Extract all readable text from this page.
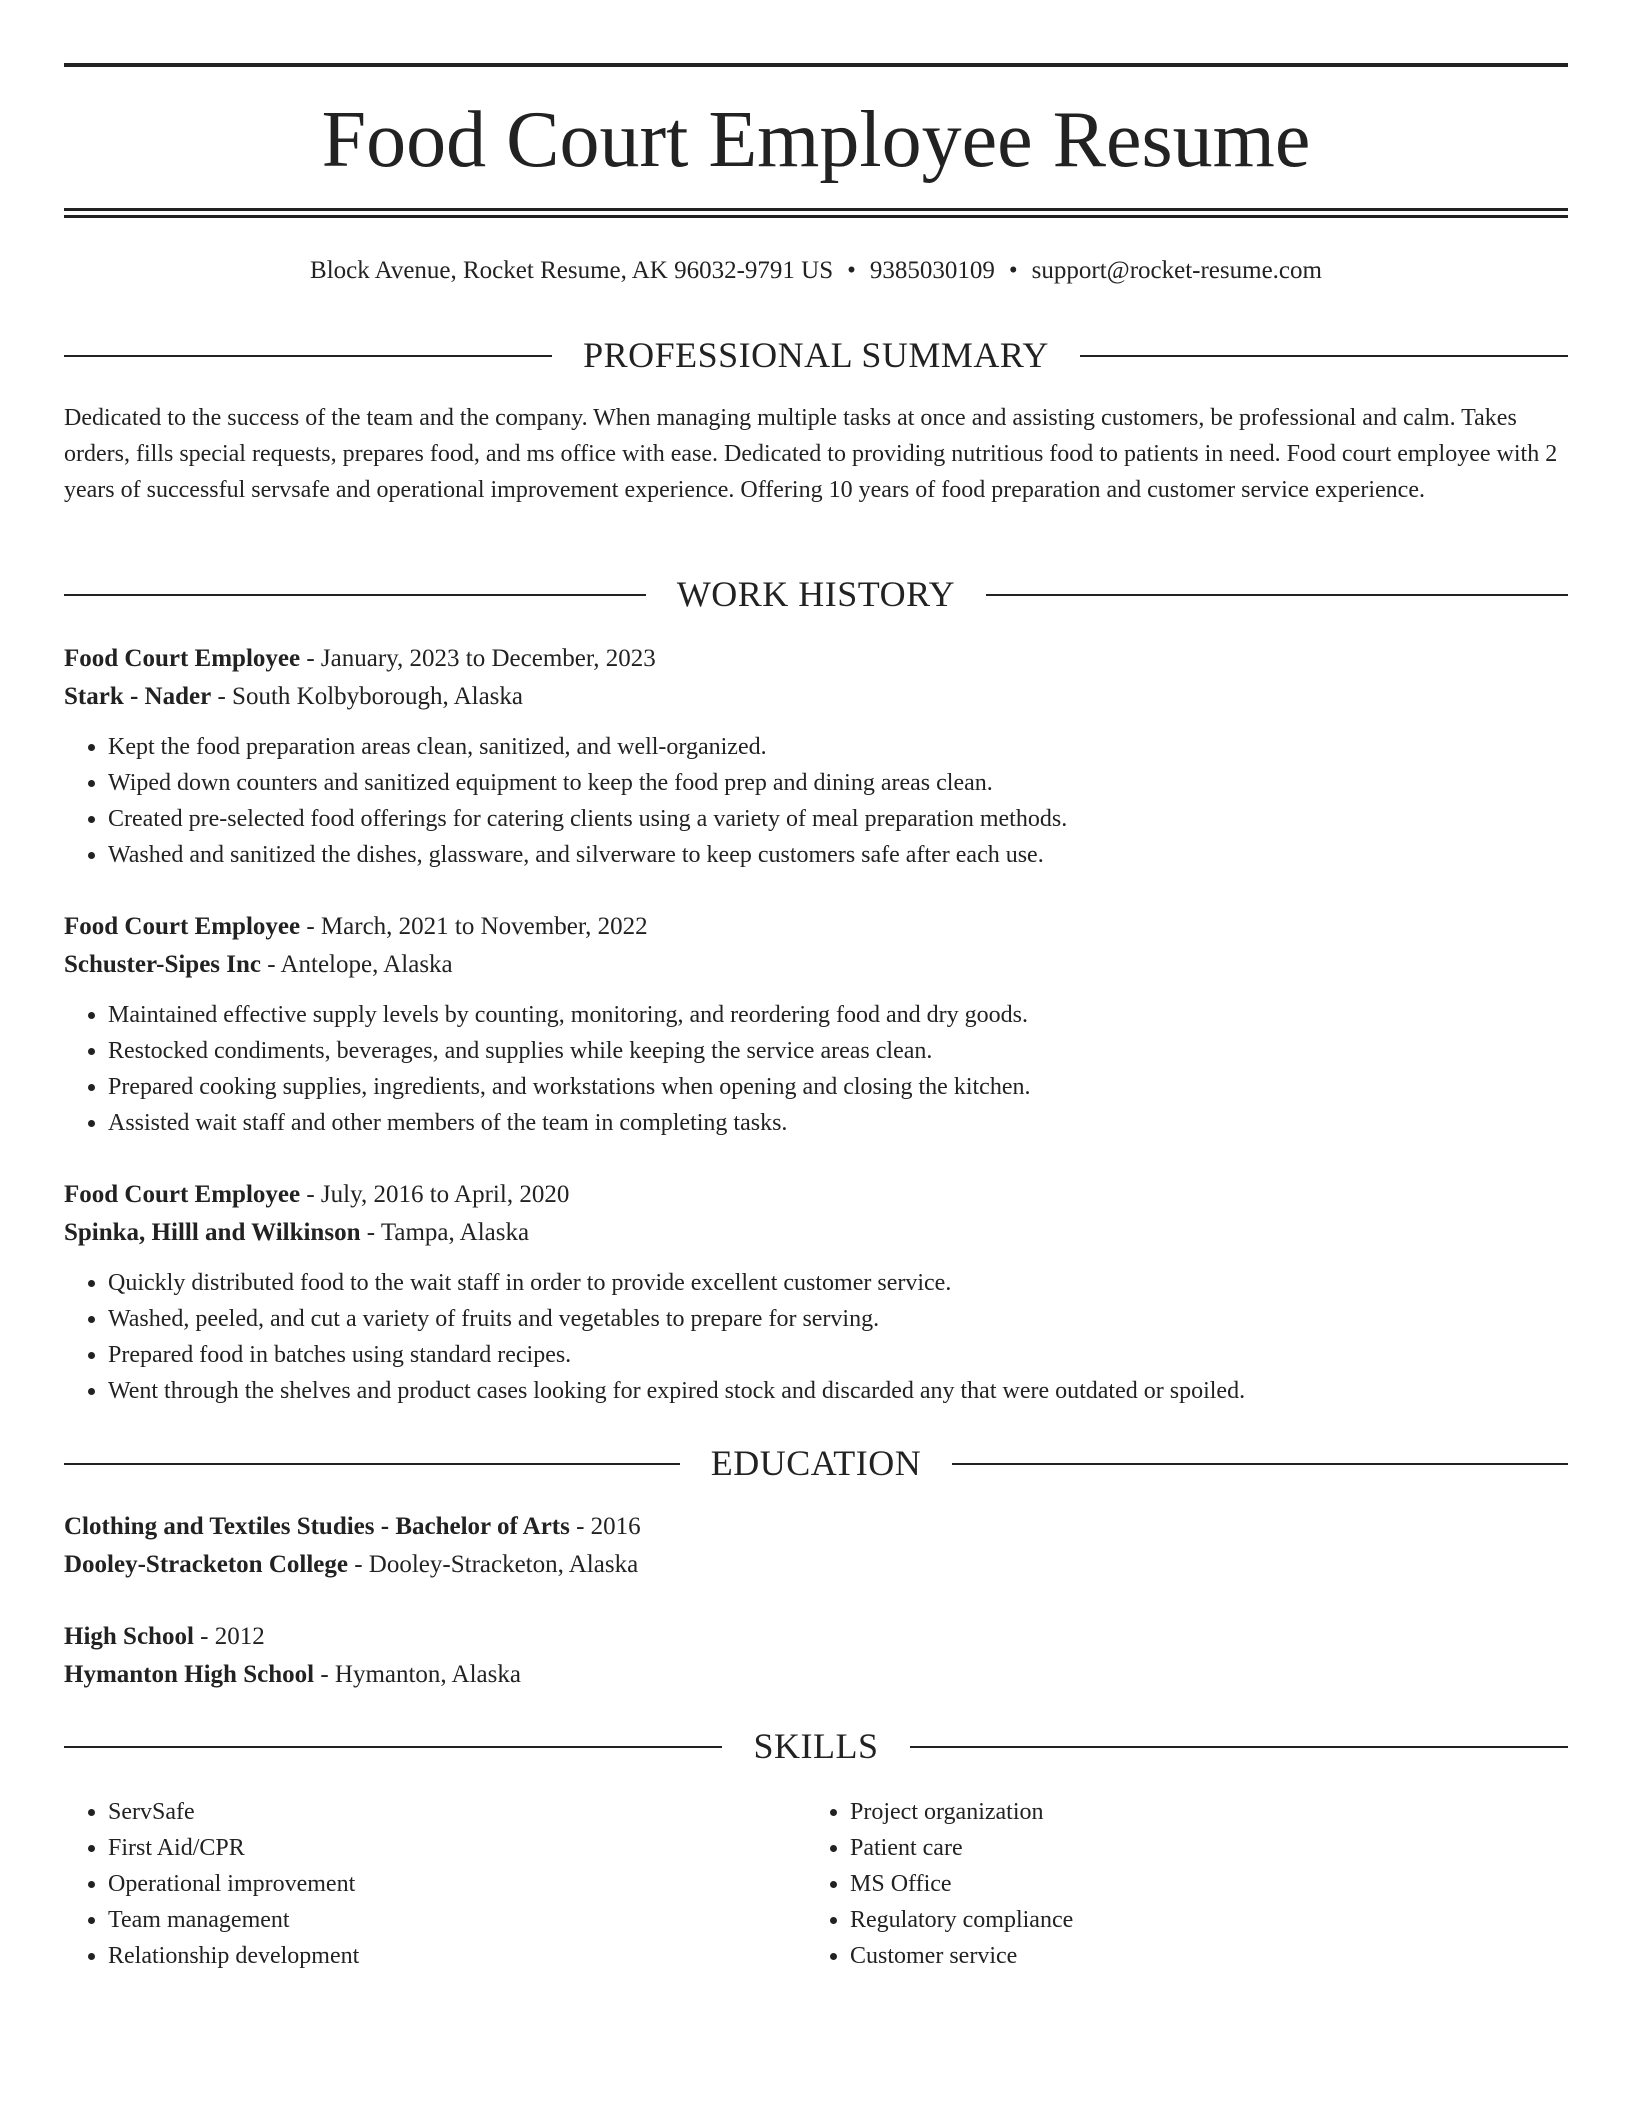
Food Court Employee Resume
Block Avenue, Rocket Resume, AK 96032-9791 US • 9385030109 • support@rocket-resume.com
PROFESSIONAL SUMMARY

Dedicated to the success of the team and the company. When managing multiple tasks at once and assisting customers, be professional and calm. Takes orders, fills special requests, prepares food, and ms office with ease. Dedicated to providing nutritious food to patients in need. Food court employee with 2 years of successful servsafe and operational improvement experience. Offering 10 years of food preparation and customer service experience.

WORK HISTORY

Food Court Employee - January, 2023 to December, 2023

Stark - Nader - South Kolbyborough, Alaska

• Kept the food preparation areas clean, sanitized, and well-organized.
• Wiped down counters and sanitized equipment to keep the food prep and dining areas clean.
• Created pre-selected food offerings for catering clients using a variety of meal preparation methods.
• Washed and sanitized the dishes, glassware, and silverware to keep customers safe after each use.

Food Court Employee - March, 2021 to November, 2022

Schuster-Sipes Inc - Antelope, Alaska

• Maintained effective supply levels by counting, monitoring, and reordering food and dry goods.
• Restocked condiments, beverages, and supplies while keeping the service areas clean.
• Prepared cooking supplies, ingredients, and workstations when opening and closing the kitchen.
• Assisted wait staff and other members of the team in completing tasks.

Food Court Employee - July, 2016 to April, 2020

Spinka, Hilll and Wilkinson - Tampa, Alaska

• Quickly distributed food to the wait staff in order to provide excellent customer service.
• Washed, peeled, and cut a variety of fruits and vegetables to prepare for serving.
• Prepared food in batches using standard recipes.
• Went through the shelves and product cases looking for expired stock and discarded any that were outdated or spoiled.
EDUCATION

Clothing and Textiles Studies - Bachelor of Arts - 2016

Dooley-Stracketon College - Dooley-Stracketon, Alaska

High School - 2012

Hymanton High School - Hymanton, Alaska

SKILLS
• ServSafe
• First Aid/CPR
• Operational improvement
• Team management
• Relationship development
• Project organization
• Patient care
• MS Office
• Regulatory compliance
• Customer service
